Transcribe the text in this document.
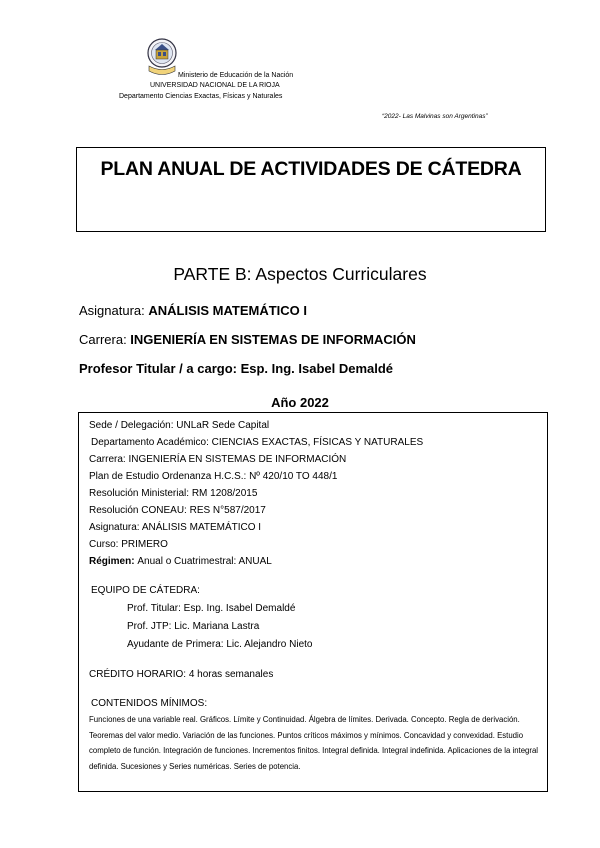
Ministerio de Educación de la Nación
UNIVERSIDAD NACIONAL DE LA RIOJA
Departamento Ciencias Exactas, Físicas y Naturales
“2022- Las Malvinas son Argentinas”
PLAN ANUAL DE ACTIVIDADES DE CÁTEDRA
PARTE B: Aspectos Curriculares
Asignatura: ANÁLISIS MATEMÁTICO I
Carrera: INGENIERÍA EN SISTEMAS DE INFORMACIÓN
Profesor Titular / a cargo: Esp. Ing. Isabel Demaldé
Año 2022
Sede / Delegación: UNLaR Sede Capital
Departamento Académico: CIENCIAS EXACTAS, FÍSICAS Y NATURALES
Carrera: INGENIERÍA EN SISTEMAS DE INFORMACIÓN
Plan de Estudio Ordenanza H.C.S.: Nº 420/10 TO 448/1
Resolución Ministerial: RM 1208/2015
Resolución CONEAU: RES N°587/2017
Asignatura: ANÁLISIS MATEMÁTICO I
Curso: PRIMERO
Régimen: Anual o Cuatrimestral: ANUAL
EQUIPO DE CÁTEDRA:
Prof. Titular: Esp. Ing. Isabel Demaldé
Prof. JTP: Lic. Mariana Lastra
Ayudante de Primera: Lic. Alejandro Nieto
CRÉDITO HORARIO: 4 horas semanales
CONTENIDOS MÍNIMOS:
Funciones de una variable real. Gráficos. Límite y Continuidad. Álgebra de límites. Derivada. Concepto. Regla de derivación. Teoremas del valor medio. Variación de las funciones. Puntos críticos máximos y mínimos. Concavidad y convexidad. Estudio completo de función. Integración de funciones. Incrementos finitos. Integral definida. Integral indefinida. Aplicaciones de la integral definida. Sucesiones y Series numéricas. Series de potencia.
